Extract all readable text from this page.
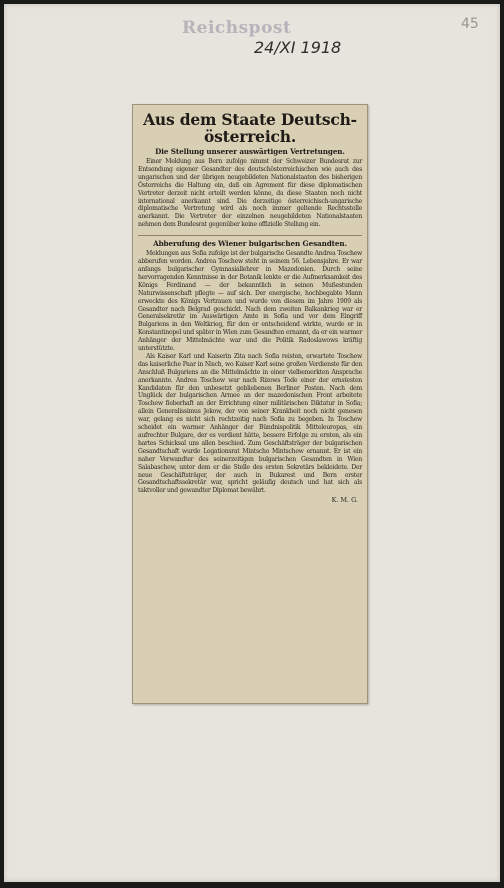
Reichspost
24/XI 1918
45
Aus dem Staate Deutsch-österreich.
Die Stellung unserer auswärtigen Vertretungen.

Einer Meldung aus Bern zufolge nimmt der Schweizer Bundesrat zur Entsendung eigener Gesandter des deutschösterreichischen wie auch des ungarischen und der übrigen neugebildeten Nationalstaaten des bisherigen Österreichs die Haltung ein, daß ein Agrement für diese diplomatischen Vertreter derzeit nicht erteilt werden könne, da diese Staaten noch nicht international anerkannt sind. Die derzeitige österreichisch-ungarische diplomatische Vertretung wird als noch immer geltende Rechtsstelle anerkannt. Die Vertreter der einzelnen neugebildeten Nationalstaaten nehmen dem Bundesrat gegenüber keine offizielle Stellung ein.

Abberufung des Wiener bulgarischen Gesandten.

Meldungen aus Sofia zufolge ist der bulgarische Gesandte Andrea Toschew abberufen worden. Andrea Toschew steht in seinem 56. Lebensjahre. Er war anfangs bulgarischer Gymnasiallehrer in Mazedonien. Durch seine hervorragenden Kenntnisse in der Botanik lenkte er die Aufmerksamkeit des Königs Ferdinand — der bekanntlich in seinen Mußestunden Naturwissenschaft pflegte — auf sich. Der energische, hochbegabte Mann erweckte des Königs Vertrauen und wurde von diesem im Jahre 1909 als Gesandter nach Belgrad geschickt. Nach dem zweiten Balkankrieg war er Generalsekretär im Auswärtigen Amte in Sofia und vor dem Eingriff Bulgariens in den Weltkrieg, für den er entscheidend wirkte, wurde er in Konstantinopel und später in Wien zum Gesandten ernannt, da er ein warmer Anhänger der Mittelmächte war und die Politik Radoslawows kräftig unterstützte.

Als Kaiser Karl und Kaiserin Zita nach Sofia reisten, erwartete Toschew das kaiserliche Paar in Nisch, wo Kaiser Karl seine großen Verdienste für den Anschluß Bulgariens an die Mittelmächte in einer vielbemerkten Ansprache anerkannte. Andrea Toschew war nach Rizows Tode einer der ernstesten Kandidaten für den unbesetzt gebliebenen Berliner Posten. Nach dem Unglück der bulgarischen Armee an der mazedonischen Front arbeitete Toschew fieberhaft an der Errichtung einer militärischen Diktatur in Sofia; allein Generalissimus Jekow, der von seiner Krankheit noch nicht genesen war, gelang es nicht sich rechtzeitig nach Sofia zu begeben. In Toschew scheidet ein warmer Anhänger der Bündnispolitik Mitteleuropas, ein aufrechter Bulgare, der es verdient hätte, bessere Erfolge zu ernten, als ein hartes Schicksal uns allen beschied. Zum Geschäftsträger der bulgarischen Gesandtschaft wurde Legationsrat Mintscho Mintschew ernannt. Er ist ein naher Verwandter des seinerzeitigen bulgarischen Gesandten in Wien Salabaschew, unter dem er die Stelle des ersten Sekretärs bekleidete. Der neue Geschäftsträger, der auch in Bukarest und Bern erster Gesandtschaftssekretär war, spricht geläufig deutsch und hat sich als taktvoller und gewandter Diplomat bewährt.

K. M. G.
